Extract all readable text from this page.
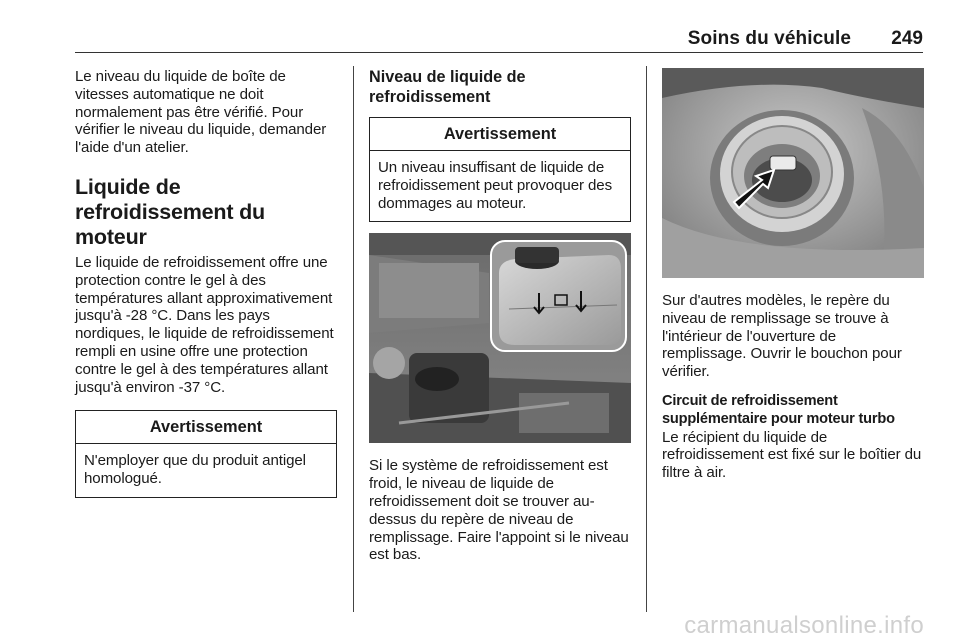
Soins du véhicule 249

Le niveau du liquide de boîte de vitesses automatique ne doit normalement pas être vérifié. Pour vérifier le niveau du liquide, demander l'aide d'un atelier.

Liquide de refroidissement du moteur

Le liquide de refroidissement offre une protection contre le gel à des températures allant approximativement jusqu'à -28 °C. Dans les pays nordiques, le liquide de refroidissement rempli en usine offre une protection contre le gel à des températures allant jusqu'à environ -37 °C.

Avertissement

N'employer que du produit antigel homologué.

Niveau de liquide de refroidissement
Avertissement

Un niveau insuffisant de liquide de refroidissement peut provoquer des dommages au moteur.

Si le système de refroidissement est froid, le niveau de liquide de refroidissement doit se trouver au-dessus du repère de niveau de remplissage. Faire l'appoint si le niveau est bas.

Sur d'autres modèles, le repère du niveau de remplissage se trouve à l'intérieur de l'ouverture de remplissage. Ouvrir le bouchon pour vérifier.

Circuit de refroidissement supplémentaire pour moteur turbo

Le récipient du liquide de refroidissement est fixé sur le boîtier du filtre à air.

carmanualsonline.info
